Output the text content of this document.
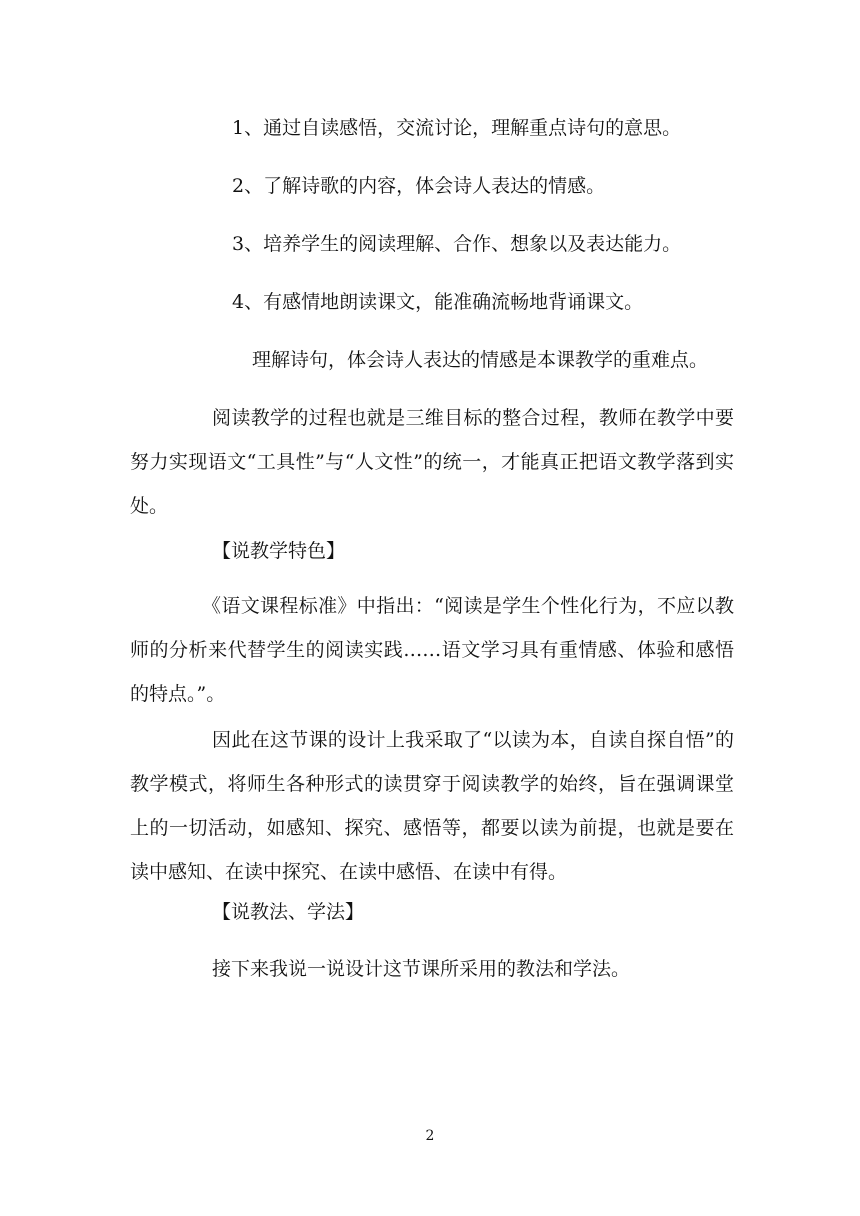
1、通过自读感悟，交流讨论，理解重点诗句的意思。
2、了解诗歌的内容，体会诗人表达的情感。
3、培养学生的阅读理解、合作、想象以及表达能力。
4、有感情地朗读课文，能准确流畅地背诵课文。
理解诗句，体会诗人表达的情感是本课教学的重难点。
阅读教学的过程也就是三维目标的整合过程，教师在教学中要努力实现语文“工具性”与“人文性”的统一，才能真正把语文教学落到实处。
【说教学特色】
《语文课程标准》中指出：“阅读是学生个性化行为，不应以教师的分析来代替学生的阅读实践……语文学习具有重情感、体验和感悟的特点。”。
因此在这节课的设计上我采取了“以读为本，自读自探自悟”的教学模式，将师生各种形式的读贯穿于阅读教学的始终，旨在强调课堂上的一切活动，如感知、探究、感悟等，都要以读为前提，也就是要在读中感知、在读中探究、在读中感悟、在读中有得。
【说教法、学法】
接下来我说一说设计这节课所采用的教法和学法。
2
